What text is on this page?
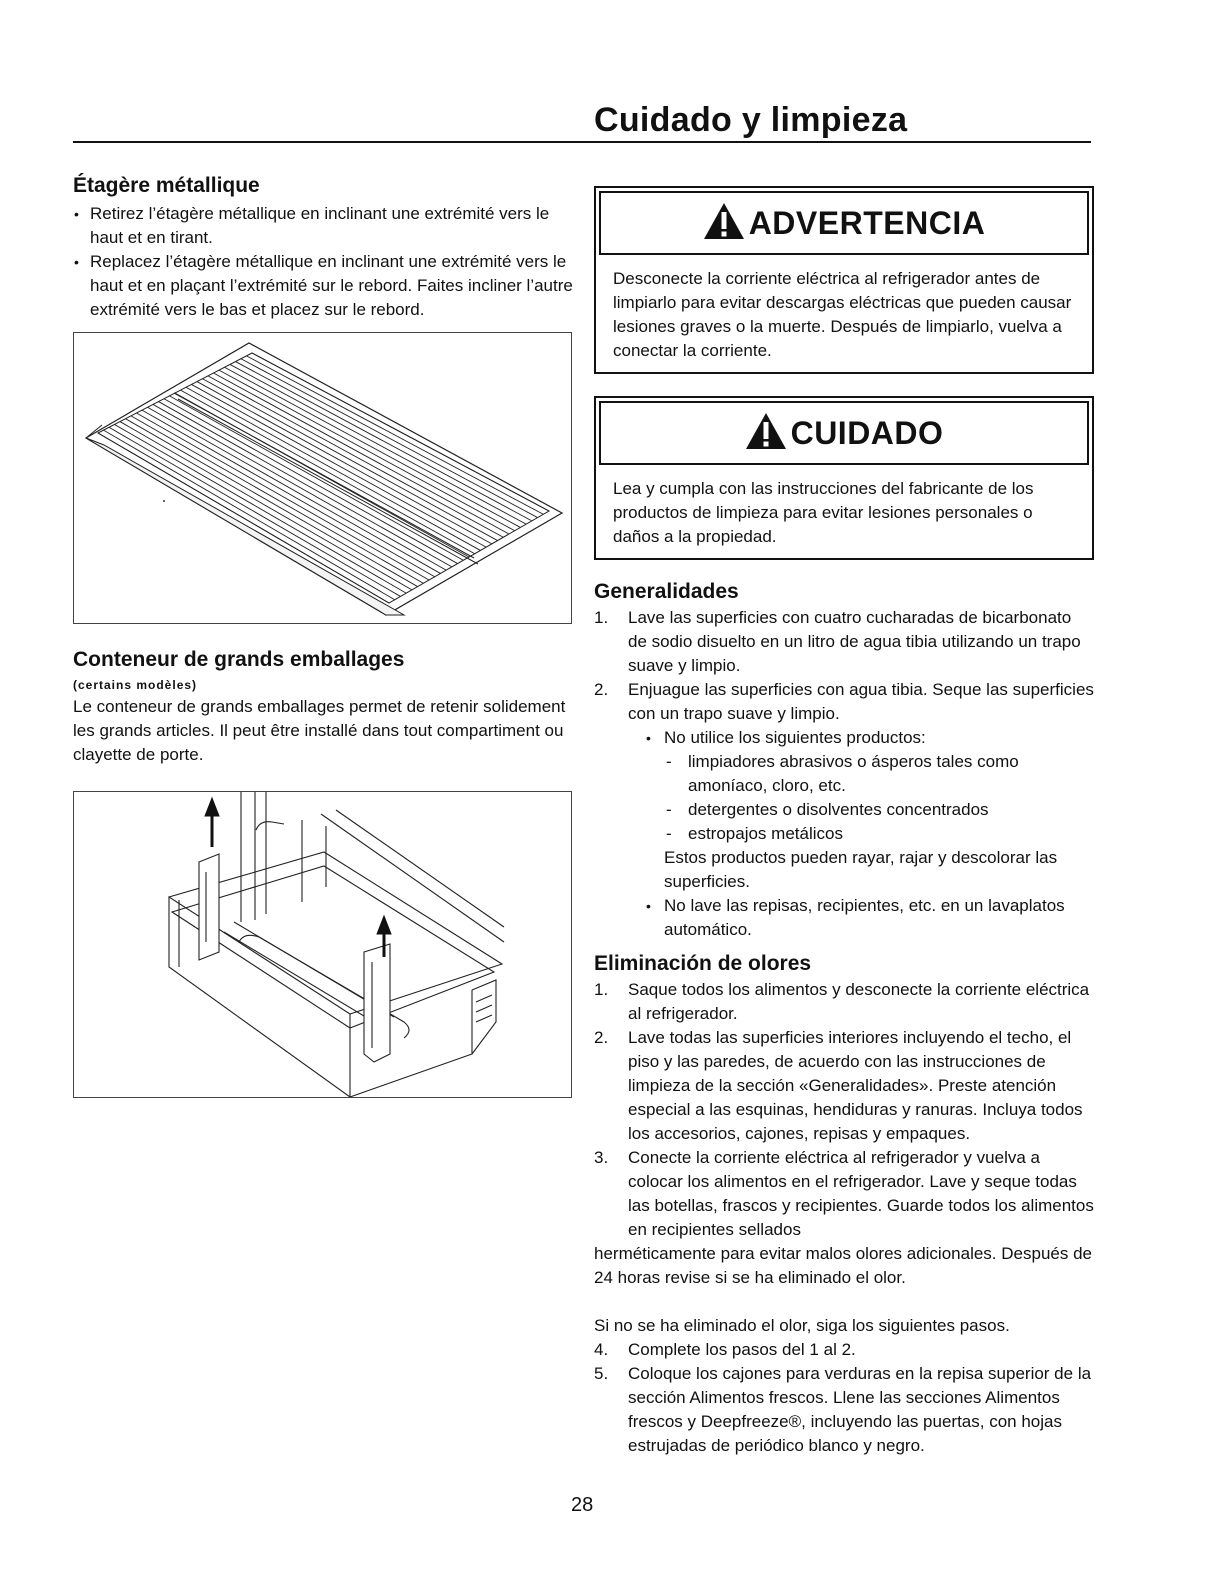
Cuidado y limpieza
Étagère métallique
• Retirez l’étagère métallique en inclinant une extrémité vers le haut et en tirant.
• Replacez l’étagère métallique en inclinant une extrémité vers le haut et en plaçant l’extrémité sur le rebord. Faites incliner l’autre extrémité vers le bas et placez sur le rebord.
Conteneur de grands emballages
(certains modèles)

Le conteneur de grands emballages permet de retenir solidement les grands articles. Il peut être installé dans tout compartiment ou clayette de porte.

ADVERTENCIA
Desconecte la corriente eléctrica al refrigerador antes de limpiarlo para evitar descargas eléctricas que pueden causar lesiones graves o la muerte. Después de limpiarlo, vuelva a conectar la corriente.
CUIDADO
Lea y cumpla con las instrucciones del fabricante de los productos de limpieza para evitar lesiones personales o daños a la propiedad.
Generalidades
1. Lave las superficies con cuatro cucharadas de bicarbonato de sodio disuelto en un litro de agua tibia utilizando un trapo suave y limpio.
2. Enjuague las superficies con agua tibia. Seque las superficies con un trapo suave y limpio.
• No utilice los siguientes productos:
- limpiadores abrasivos o ásperos tales como amoníaco, cloro, etc.
- detergentes o disolventes concentrados
- estropajos metálicos
Estos productos pueden rayar, rajar y descolorar las superficies.
• No lave las repisas, recipientes, etc. en un lavaplatos automático.
Eliminación de olores
1. Saque todos los alimentos y desconecte la corriente eléctrica al refrigerador.
2. Lave todas las superficies interiores incluyendo el techo, el piso y las paredes, de acuerdo con las instrucciones de limpieza de la sección «Generalidades». Preste atención especial a las esquinas, hendiduras y ranuras. Incluya todos los accesorios, cajones, repisas y empaques.
3. Conecte la corriente eléctrica al refrigerador y vuelva a colocar los alimentos en el refrigerador. Lave y seque todas las botellas, frascos y recipientes. Guarde todos los alimentos en recipientes sellados

herméticamente para evitar malos olores adicionales. Después de 24 horas revise si se ha eliminado el olor.

Si no se ha eliminado el olor, siga los siguientes pasos.

4. Complete los pasos del 1 al 2.
5. Coloque los cajones para verduras en la repisa superior de la sección Alimentos frescos. Llene las secciones Alimentos frescos y Deepfreeze®, incluyendo las puertas, con hojas estrujadas de periódico blanco y negro.
28
